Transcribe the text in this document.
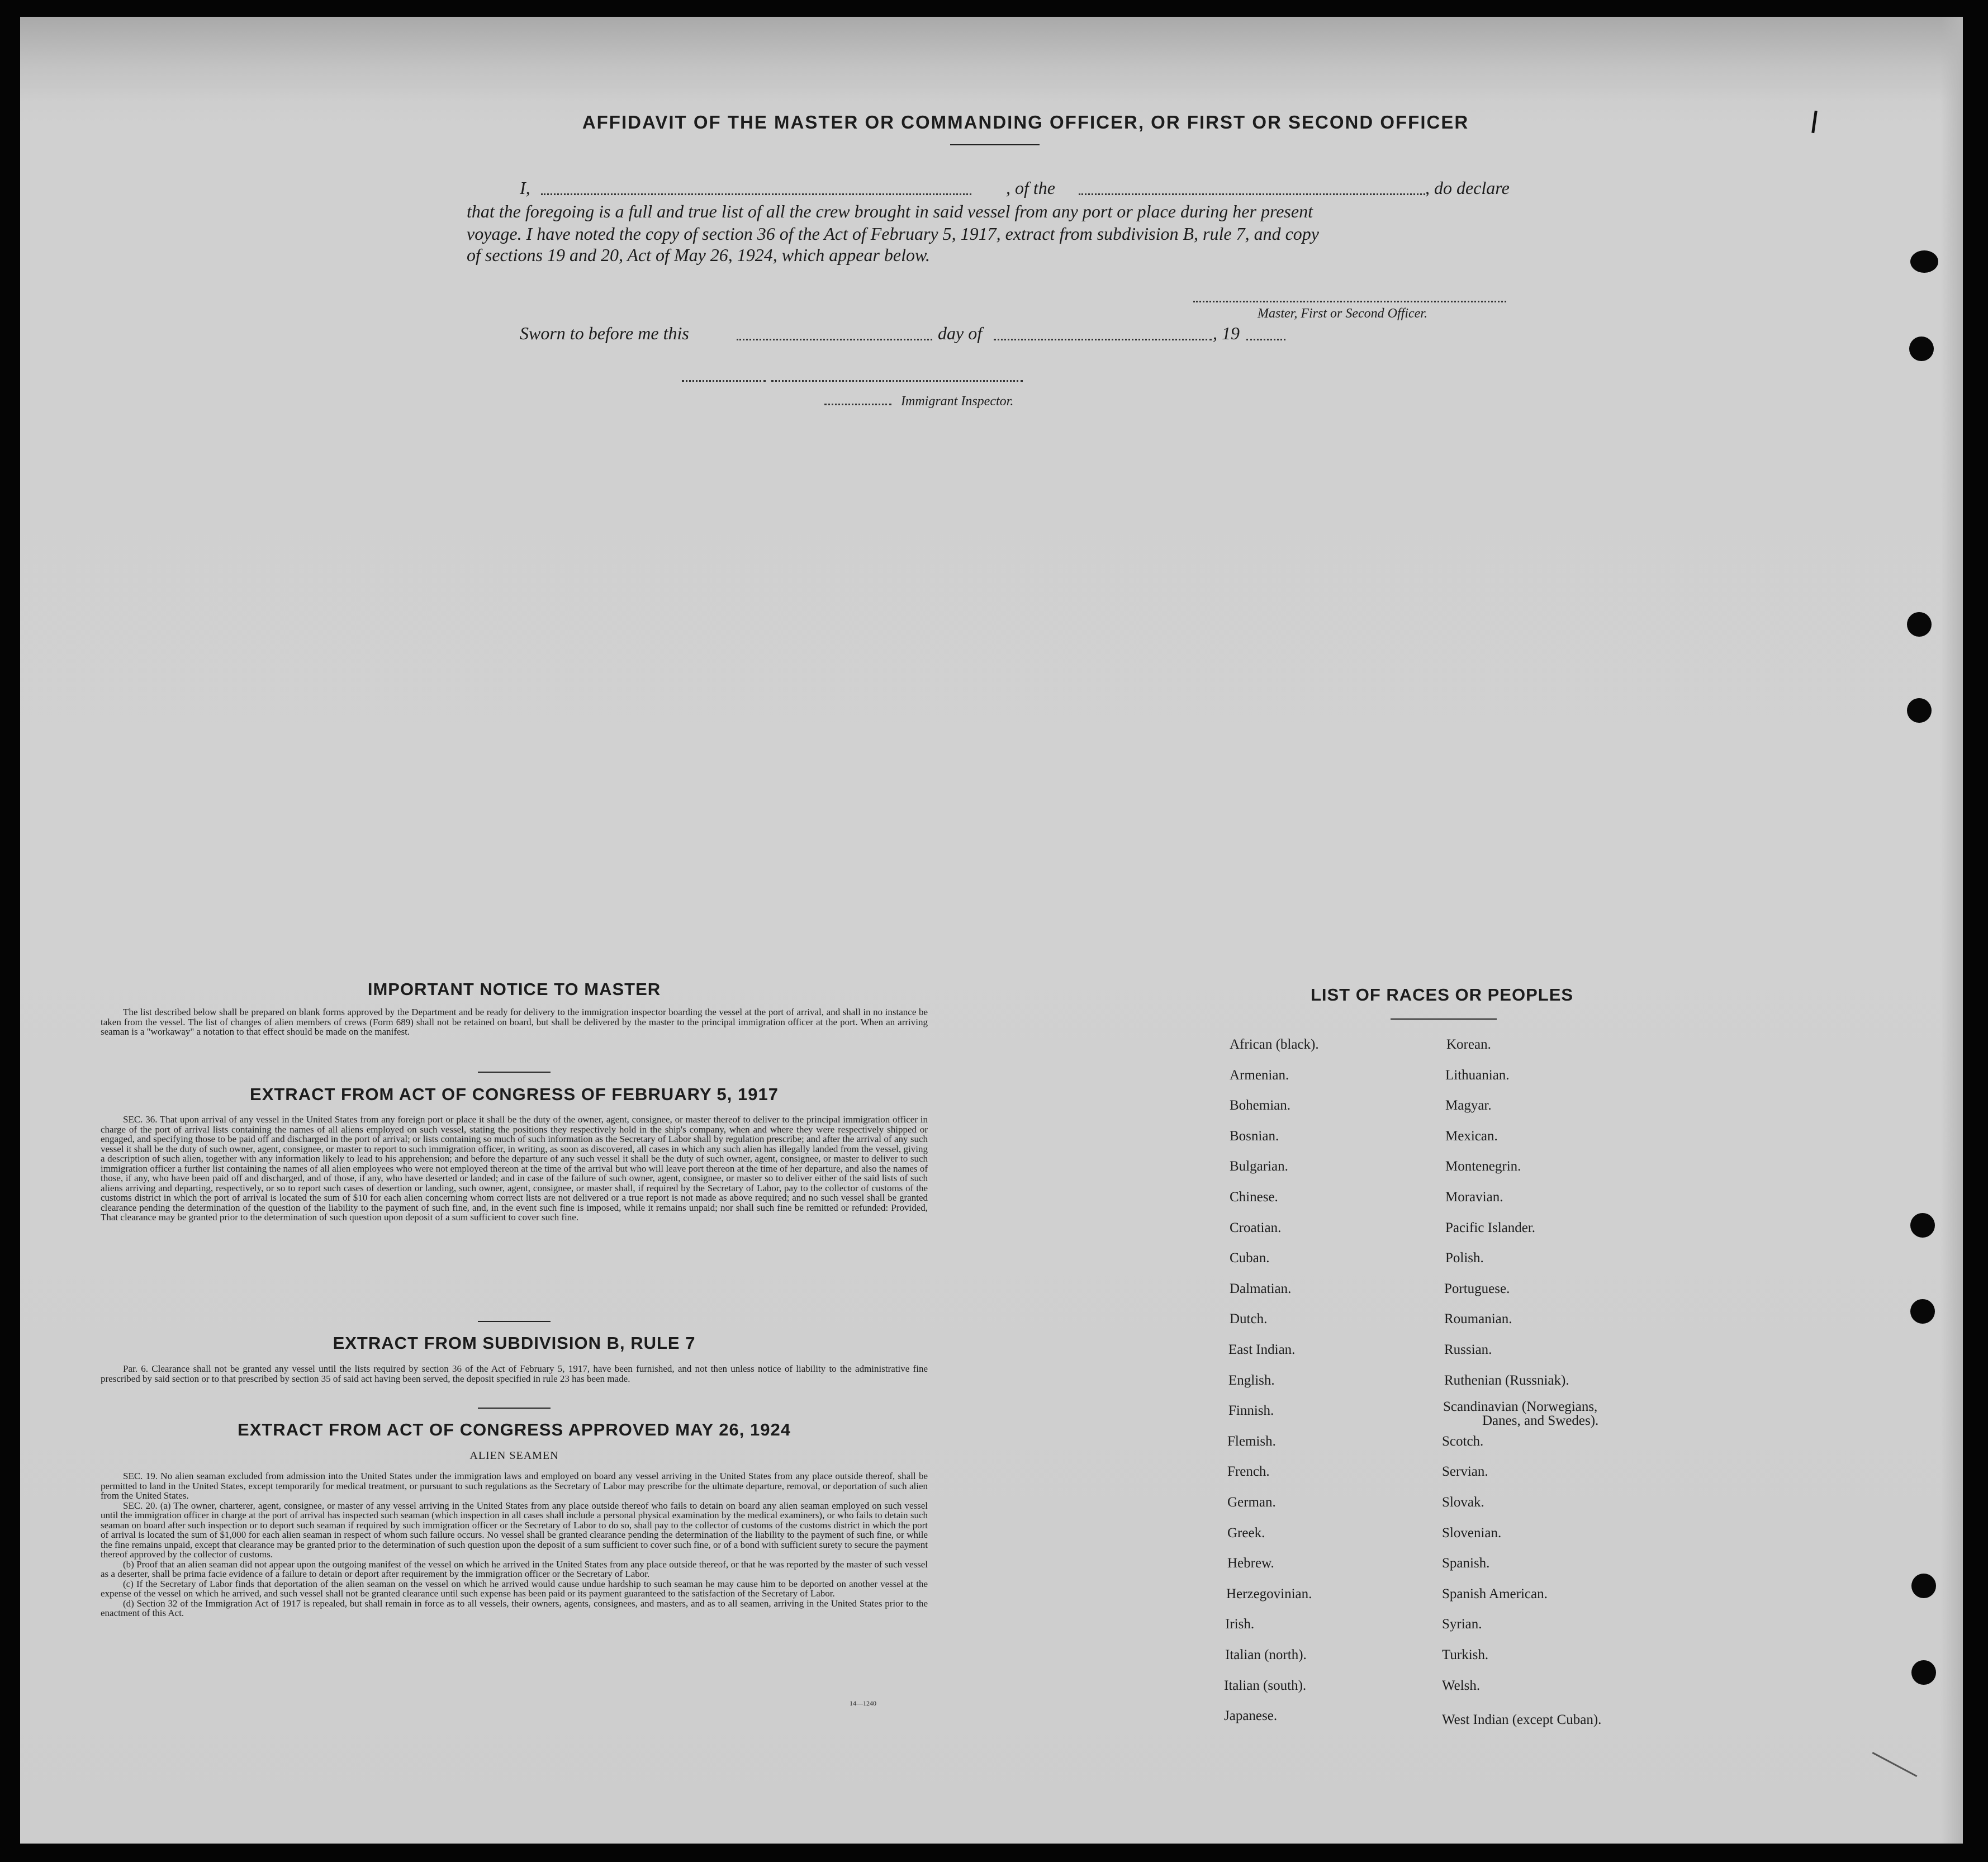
AFFIDAVIT OF THE MASTER OR COMMANDING OFFICER, OR FIRST OR SECOND OFFICER
I,	, of the	, do declare
that the foregoing is a full and true list of all the crew brought in said vessel from any port or place during her present
voyage. I have noted the copy of section 36 of the Act of February 5, 1917, extract from subdivision B, rule 7, and copy
of sections 19 and 20, Act of May 26, 1924, which appear below.
Master, First or Second Officer.
Sworn to before me this	day of	, 19
Immigrant Inspector.
IMPORTANT NOTICE TO MASTER

The list described below shall be prepared on blank forms approved by the Department and be ready for delivery to the immigration inspector boarding the vessel at the port of arrival, and shall in no instance be taken from the vessel. The list of changes of alien members of crews (Form 689) shall not be retained on board, but shall be delivered by the master to the principal immigration officer at the port. When an arriving seaman is a "workaway" a notation to that effect should be made on the manifest.

EXTRACT FROM ACT OF CONGRESS OF FEBRUARY 5, 1917

SEC. 36. That upon arrival of any vessel in the United States from any foreign port or place it shall be the duty of the owner, agent, consignee, or master thereof to deliver to the principal immigration officer in charge of the port of arrival lists containing the names of all aliens employed on such vessel, stating the positions they respectively hold in the ship's company, when and where they were respectively shipped or engaged, and specifying those to be paid off and discharged in the port of arrival; or lists containing so much of such information as the Secretary of Labor shall by regulation prescribe; and after the arrival of any such vessel it shall be the duty of such owner, agent, consignee, or master to report to such immigration officer, in writing, as soon as discovered, all cases in which any such alien has illegally landed from the vessel, giving a description of such alien, together with any information likely to lead to his apprehension; and before the departure of any such vessel it shall be the duty of such owner, agent, consignee, or master to deliver to such immigration officer a further list containing the names of all alien employees who were not employed thereon at the time of the arrival but who will leave port thereon at the time of her departure, and also the names of those, if any, who have been paid off and discharged, and of those, if any, who have deserted or landed; and in case of the failure of such owner, agent, consignee, or master so to deliver either of the said lists of such aliens arriving and departing, respectively, or so to report such cases of desertion or landing, such owner, agent, consignee, or master shall, if required by the Secretary of Labor, pay to the collector of customs of the customs district in which the port of arrival is located the sum of $10 for each alien concerning whom correct lists are not delivered or a true report is not made as above required; and no such vessel shall be granted clearance pending the determination of the question of the liability to the payment of such fine, and, in the event such fine is imposed, while it remains unpaid; nor shall such fine be remitted or refunded: Provided, That clearance may be granted prior to the determination of such question upon deposit of a sum sufficient to cover such fine.

EXTRACT FROM SUBDIVISION B, RULE 7

Par. 6. Clearance shall not be granted any vessel until the lists required by section 36 of the Act of February 5, 1917, have been furnished, and not then unless notice of liability to the administrative fine prescribed by said section or to that prescribed by section 35 of said act having been served, the deposit specified in rule 23 has been made.

EXTRACT FROM ACT OF CONGRESS APPROVED MAY 26, 1924
ALIEN SEAMEN

SEC. 19. No alien seaman excluded from admission into the United States under the immigration laws and employed on board any vessel arriving in the United States from any place outside thereof, shall be permitted to land in the United States, except temporarily for medical treatment, or pursuant to such regulations as the Secretary of Labor may prescribe for the ultimate departure, removal, or deportation of such alien from the United States.

SEC. 20. (a) The owner, charterer, agent, consignee, or master of any vessel arriving in the United States from any place outside thereof who fails to detain on board any alien seaman employed on such vessel until the immigration officer in charge at the port of arrival has inspected such seaman (which inspection in all cases shall include a personal physical examination by the medical examiners), or who fails to detain such seaman on board after such inspection or to deport such seaman if required by such immigration officer or the Secretary of Labor to do so, shall pay to the collector of customs of the customs district in which the port of arrival is located the sum of $1,000 for each alien seaman in respect of whom such failure occurs. No vessel shall be granted clearance pending the determination of the liability to the payment of such fine, or while the fine remains unpaid, except that clearance may be granted prior to the determination of such question upon the deposit of a sum sufficient to cover such fine, or of a bond with sufficient surety to secure the payment thereof approved by the collector of customs.

(b) Proof that an alien seaman did not appear upon the outgoing manifest of the vessel on which he arrived in the United States from any place outside thereof, or that he was reported by the master of such vessel as a deserter, shall be prima facie evidence of a failure to detain or deport after requirement by the immigration officer or the Secretary of Labor.

(c) If the Secretary of Labor finds that deportation of the alien seaman on the vessel on which he arrived would cause undue hardship to such seaman he may cause him to be deported on another vessel at the expense of the vessel on which he arrived, and such vessel shall not be granted clearance until such expense has been paid or its payment guaranteed to the satisfaction of the Secretary of Labor.

(d) Section 32 of the Immigration Act of 1917 is repealed, but shall remain in force as to all vessels, their owners, agents, consignees, and masters, and as to all seamen, arriving in the United States prior to the enactment of this Act.

14—1240
LIST OF RACES OR PEOPLES
African (black).
Armenian.
Bohemian.
Bosnian.
Bulgarian.
Chinese.
Croatian.
Cuban.
Dalmatian.
Dutch.
East Indian.
English.
Finnish.
Flemish.
French.
German.
Greek.
Hebrew.
Herzegovinian.
Irish.
Italian (north).
Italian (south).
Japanese.
Korean.
Lithuanian.
Magyar.
Mexican.
Montenegrin.
Moravian.
Pacific Islander.
Polish.
Portuguese.
Roumanian.
Russian.
Ruthenian (Russniak).
Scandinavian (Norwegians,
Danes, and Swedes).
Scotch.
Servian.
Slovak.
Slovenian.
Spanish.
Spanish American.
Syrian.
Turkish.
Welsh.
West Indian (except Cuban).
